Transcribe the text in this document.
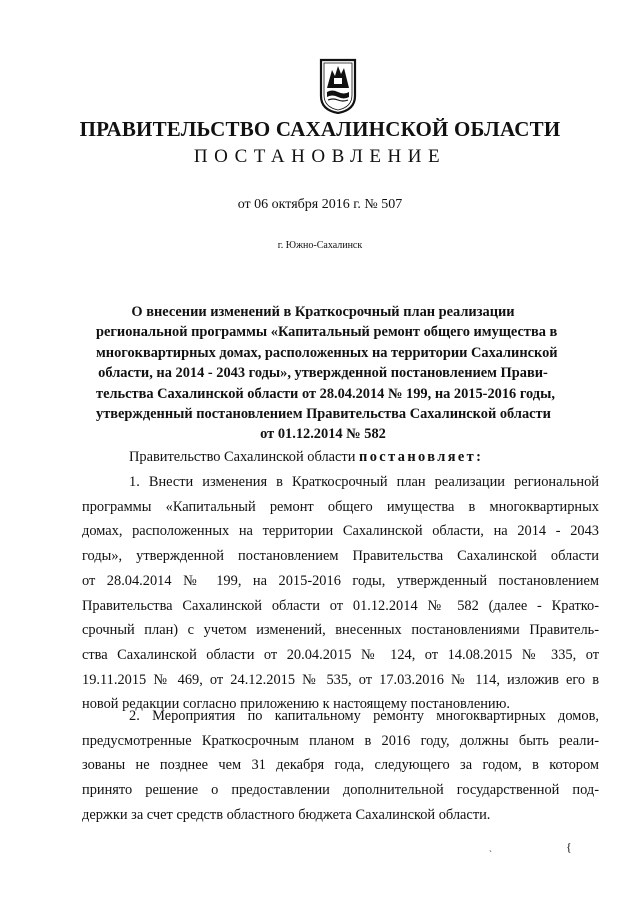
ПРАВИТЕЛЬСТВО САХАЛИНСКОЙ ОБЛАСТИ
ПОСТАНОВЛЕНИЕ
от 06 октября 2016 г. № 507
г. Южно-Сахалинск
О внесении изменений в Краткосрочный план реализации
региональной программы «Капитальный ремонт общего имущества в
многоквартирных домах, расположенных на территории Сахалинской
области, на 2014 - 2043 годы», утвержденной постановлением Прави-
тельства Сахалинской области от 28.04.2014 № 199, на 2015-2016 годы,
утвержденный постановлением Правительства Сахалинской области
от 01.12.2014 № 582
Правительство Сахалинской области постановляет:
1. Внести изменения в Краткосрочный план реализации региональной
программы «Капитальный ремонт общего имущества в многоквартирных
домах, расположенных на территории Сахалинской области, на 2014 - 2043
годы», утвержденной постановлением Правительства Сахалинской области
от 28.04.2014 № 199, на 2015-2016 годы, утвержденный постановлением
Правительства Сахалинской области от 01.12.2014 № 582 (далее - Кратко-
срочный план) с учетом изменений, внесенных постановлениями Правитель-
ства Сахалинской области от 20.04.2015 № 124, от 14.08.2015 № 335, от
19.11.2015 № 469, от 24.12.2015 № 535, от 17.03.2016 № 114, изложив его в
новой редакции согласно приложению к настоящему постановлению.
2. Мероприятия по капитальному ремонту многоквартирных домов,
предусмотренные Краткосрочным планом в 2016 году, должны быть реали-
зованы не позднее чем 31 декабря года, следующего за годом, в котором
принято решение о предоставлении дополнительной государственной под-
держки за счет средств областного бюджета Сахалинской области.
ˎ	{
